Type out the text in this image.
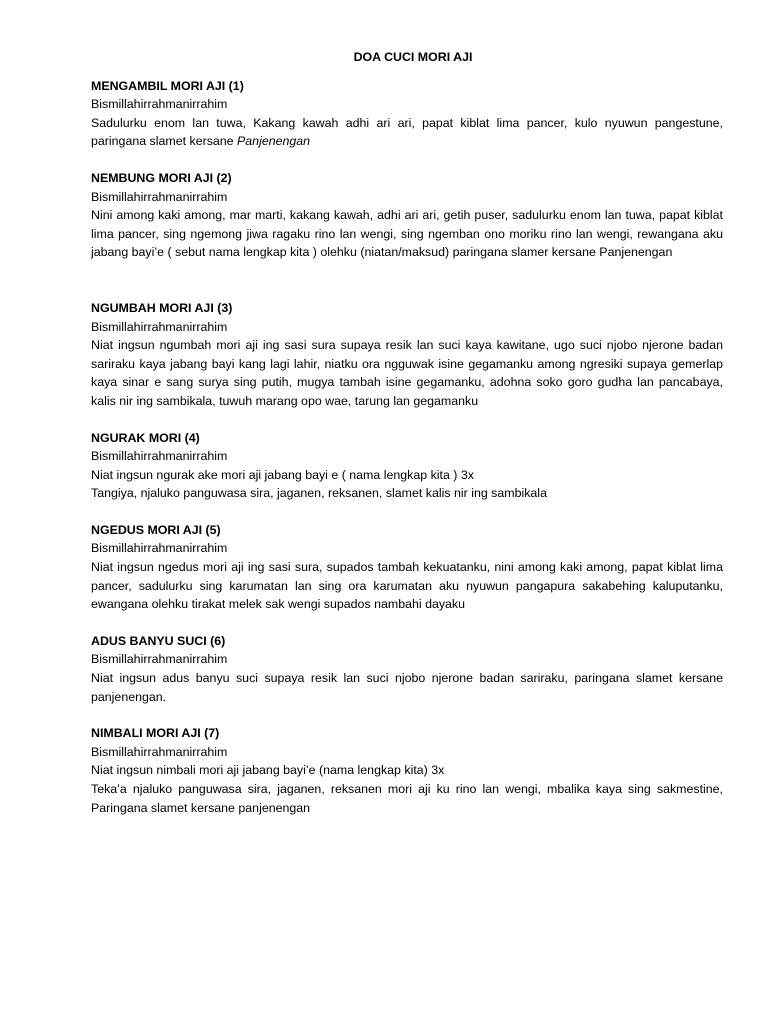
DOA CUCI MORI AJI

MENGAMBIL MORI AJI (1)

Bismillahirrahmanirrahim

Sadulurku enom lan tuwa, Kakang kawah adhi ari ari, papat kiblat lima pancer, kulo nyuwun pangestune, paringana slamet kersane Panjenengan

NEMBUNG MORI AJI (2)

Bismillahirrahmanirrahim

Nini among kaki among, mar marti, kakang kawah, adhi ari ari, getih puser, sadulurku enom lan tuwa, papat kiblat lima pancer, sing ngemong jiwa ragaku rino lan wengi, sing ngemban ono moriku rino lan wengi, rewangana aku jabang bayi’e ( sebut nama lengkap kita ) olehku (niatan/maksud) paringana slamer kersane Panjenengan

NGUMBAH MORI AJI (3)

Bismillahirrahmanirrahim

Niat ingsun ngumbah mori aji ing sasi sura supaya resik lan suci kaya kawitane, ugo suci njobo njerone badan sariraku kaya jabang bayi kang lagi lahir, niatku ora ngguwak isine gegamanku among ngresiki supaya gemerlap kaya sinar e sang surya sing putih, mugya tambah isine gegamanku, adohna soko goro gudha lan pancabaya, kalis nir ing sambikala, tuwuh marang opo wae, tarung lan gegamanku

NGURAK MORI (4)

Bismillahirrahmanirrahim

Niat ingsun ngurak ake mori aji jabang bayi e ( nama lengkap kita ) 3x

Tangiya, njaluko panguwasa sira, jaganen, reksanen, slamet kalis nir ing sambikala

NGEDUS MORI AJI (5)

Bismillahirrahmanirrahim

Niat ingsun ngedus mori aji ing sasi sura, supados tambah kekuatanku, nini among kaki among, papat kiblat lima pancer, sadulurku sing karumatan lan sing ora karumatan aku nyuwun pangapura sakabehing kaluputanku, ewangana olehku tirakat melek sak wengi supados nambahi dayaku

ADUS BANYU SUCI (6)

Bismillahirrahmanirrahim

Niat ingsun adus banyu suci supaya resik lan suci njobo njerone badan sariraku, paringana slamet kersane panjenengan.

NIMBALI MORI AJI (7)

Bismillahirrahmanirrahim

Niat ingsun nimbali mori aji jabang bayi’e (nama lengkap kita) 3x

Teka’a njaluko panguwasa sira, jaganen, reksanen mori aji ku rino lan wengi, mbalika kaya sing sakmestine, Paringana slamet kersane panjenengan
